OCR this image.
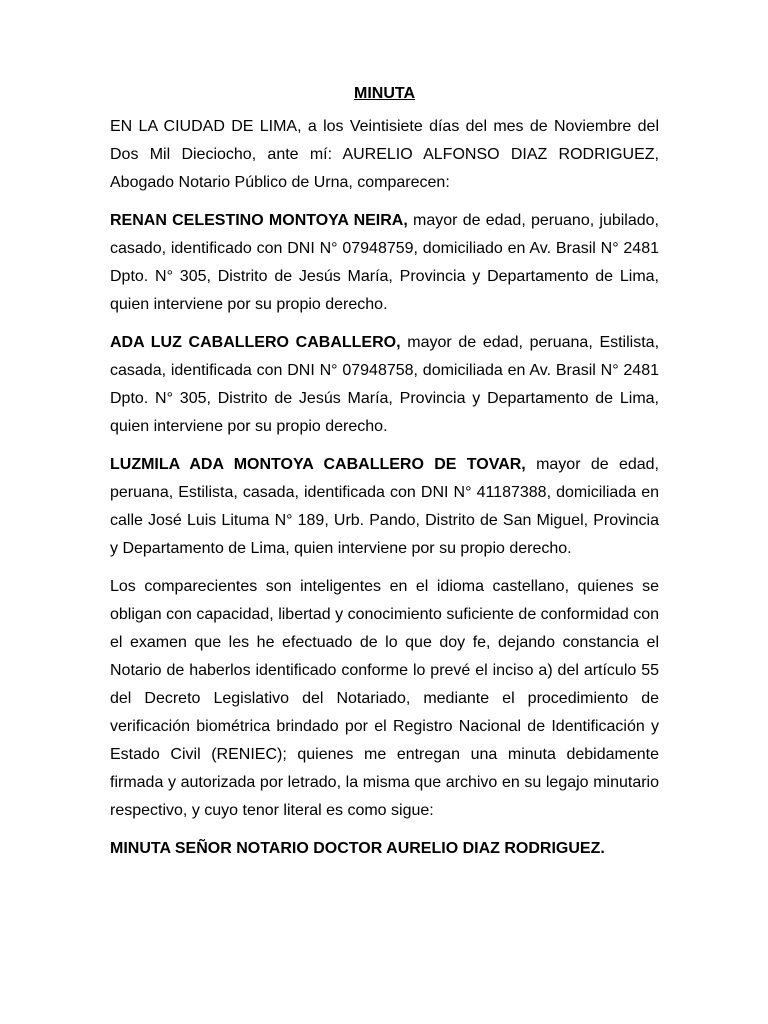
MINUTA

EN LA CIUDAD DE LIMA, a los Veintisiete días del mes de Noviembre del Dos Mil Dieciocho, ante mí: AURELIO ALFONSO DIAZ RODRIGUEZ, Abogado Notario Público de Urna, comparecen:

RENAN CELESTINO MONTOYA NEIRA, mayor de edad, peruano, jubilado, casado, identificado con DNI N° 07948759, domiciliado en Av. Brasil N° 2481 Dpto. N° 305, Distrito de Jesús María, Provincia y Departamento de Lima, quien interviene por su propio derecho.

ADA LUZ CABALLERO CABALLERO, mayor de edad, peruana, Estilista, casada, identificada con DNI N° 07948758, domiciliada en Av. Brasil N° 2481 Dpto. N° 305, Distrito de Jesús María, Provincia y Departamento de Lima, quien interviene por su propio derecho.

LUZMILA ADA MONTOYA CABALLERO DE TOVAR, mayor de edad, peruana, Estilista, casada, identificada con DNI N° 41187388, domiciliada en calle José Luis Lituma N° 189, Urb. Pando, Distrito de San Miguel, Provincia y Departamento de Lima, quien interviene por su propio derecho.

Los comparecientes son inteligentes en el idioma castellano, quienes se obligan con capacidad, libertad y conocimiento suficiente de conformidad con el examen que les he efectuado de lo que doy fe, dejando constancia el Notario de haberlos identificado conforme lo prevé el inciso a) del artículo 55 del Decreto Legislativo del Notariado, mediante el procedimiento de verificación biométrica brindado por el Registro Nacional de Identificación y Estado Civil (RENIEC); quienes me entregan una minuta debidamente firmada y autorizada por letrado, la misma que archivo en su legajo minutario respectivo, y cuyo tenor literal es como sigue:

MINUTA SEÑOR NOTARIO DOCTOR AURELIO DIAZ RODRIGUEZ.
